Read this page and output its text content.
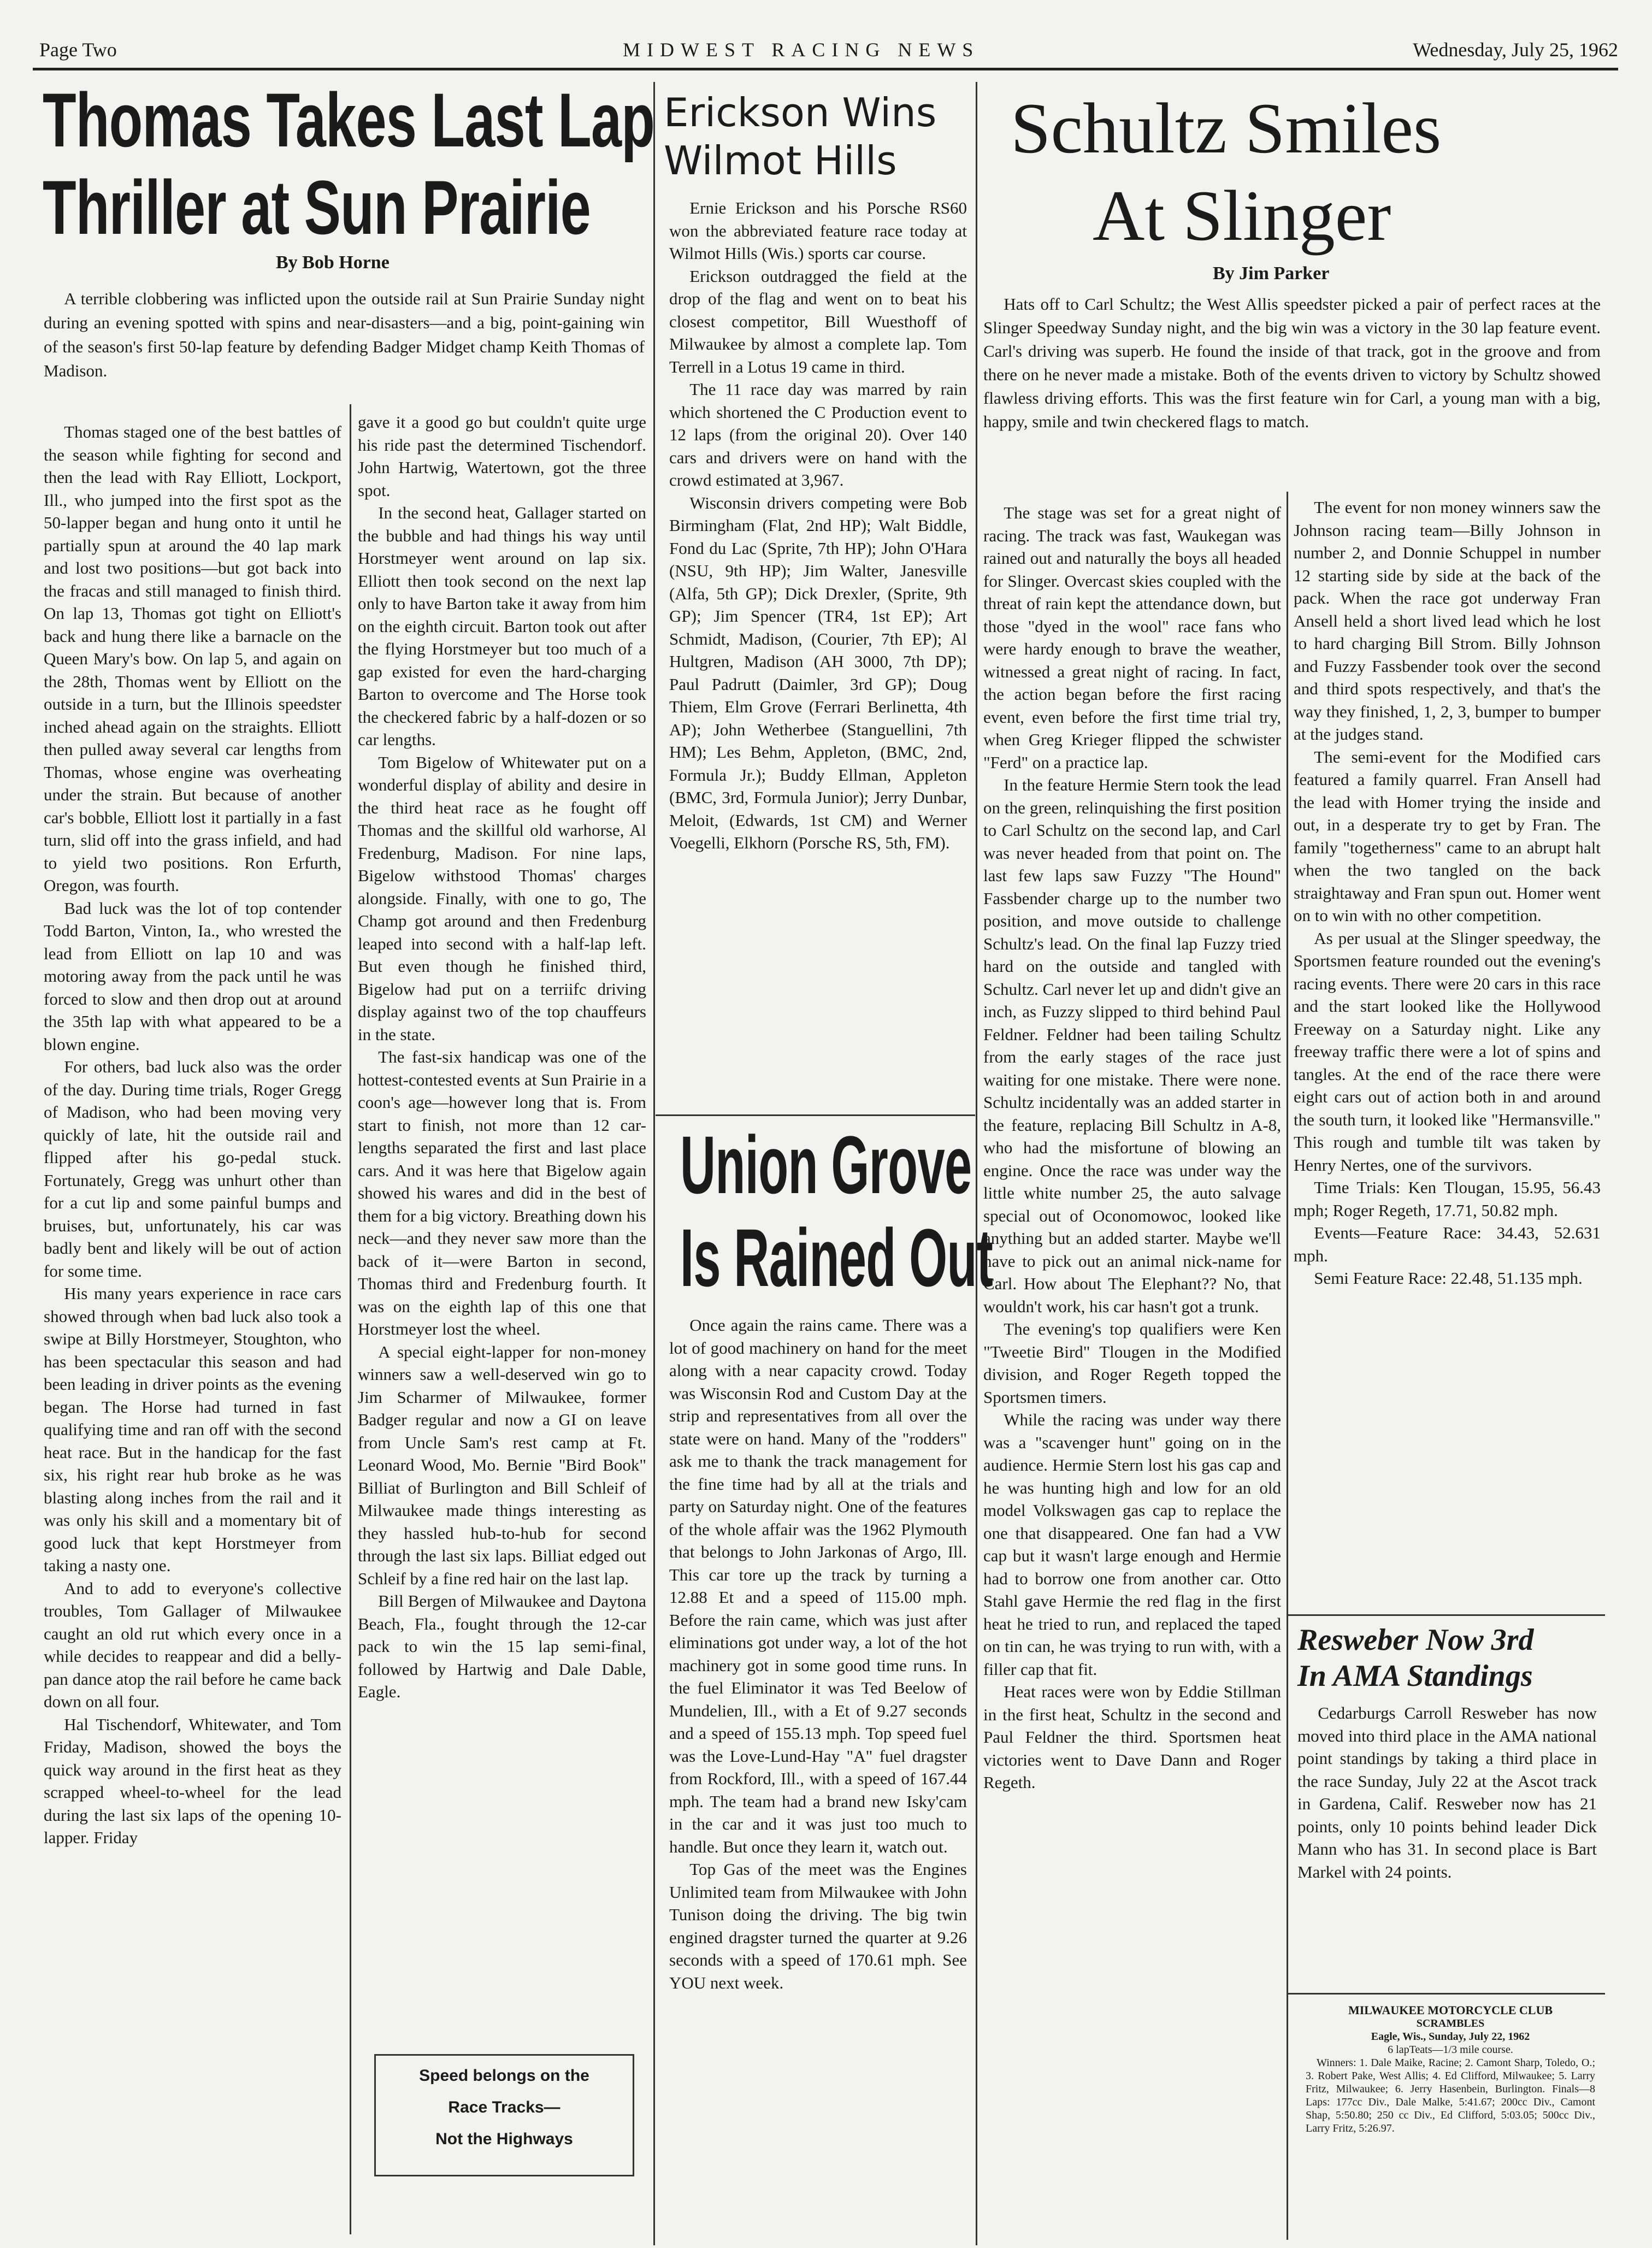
Page Two	MIDWEST RACING NEWS	Wednesday, July 25, 1962
Thomas Takes Last Lap
Thriller at Sun Prairie
By Bob Horne

A terrible clobbering was inflicted upon the outside rail at Sun Prairie Sunday night during an evening spotted with spins and near-disasters—and a big, point-gaining win of the season's first 50-lap feature by defending Badger Midget champ Keith Thomas of Madison.

Thomas staged one of the best battles of the season while fighting for second and then the lead with Ray Elliott, Lockport, Ill., who jumped into the first spot as the 50-lapper began and hung onto it until he partially spun at around the 40 lap mark and lost two positions—but got back into the fracas and still managed to finish third. On lap 13, Thomas got tight on Elliott's back and hung there like a barnacle on the Queen Mary's bow. On lap 5, and again on the 28th, Thomas went by Elliott on the outside in a turn, but the Illinois speedster inched ahead again on the straights. Elliott then pulled away several car lengths from Thomas, whose engine was overheating under the strain. But because of another car's bobble, Elliott lost it partially in a fast turn, slid off into the grass infield, and had to yield two positions. Ron Erfurth, Oregon, was fourth.

Bad luck was the lot of top contender Todd Barton, Vinton, Ia., who wrested the lead from Elliott on lap 10 and was motoring away from the pack until he was forced to slow and then drop out at around the 35th lap with what appeared to be a blown engine.

For others, bad luck also was the order of the day. During time trials, Roger Gregg of Madison, who had been moving very quickly of late, hit the outside rail and flipped after his go-pedal stuck. Fortunately, Gregg was unhurt other than for a cut lip and some painful bumps and bruises, but, unfortunately, his car was badly bent and likely will be out of action for some time.

His many years experience in race cars showed through when bad luck also took a swipe at Billy Horstmeyer, Stoughton, who has been spectacular this season and had been leading in driver points as the evening began. The Horse had turned in fast qualifying time and ran off with the second heat race. But in the handicap for the fast six, his right rear hub broke as he was blasting along inches from the rail and it was only his skill and a momentary bit of good luck that kept Horstmeyer from taking a nasty one.

And to add to everyone's collective troubles, Tom Gallager of Milwaukee caught an old rut which every once in a while decides to reappear and did a belly-pan dance atop the rail before he came back down on all four.

Hal Tischendorf, Whitewater, and Tom Friday, Madison, showed the boys the quick way around in the first heat as they scrapped wheel-to-wheel for the lead during the last six laps of the opening 10-lapper. Friday

gave it a good go but couldn't quite urge his ride past the determined Tischendorf. John Hartwig, Watertown, got the three spot.

In the second heat, Gallager started on the bubble and had things his way until Horstmeyer went around on lap six. Elliott then took second on the next lap only to have Barton take it away from him on the eighth circuit. Barton took out after the flying Horstmeyer but too much of a gap existed for even the hard-charging Barton to overcome and The Horse took the checkered fabric by a half-dozen or so car lengths.

Tom Bigelow of Whitewater put on a wonderful display of ability and desire in the third heat race as he fought off Thomas and the skillful old warhorse, Al Fredenburg, Madison. For nine laps, Bigelow withstood Thomas' charges alongside. Finally, with one to go, The Champ got around and then Fredenburg leaped into second with a half-lap left. But even though he finished third, Bigelow had put on a terriifc driving display against two of the top chauffeurs in the state.

The fast-six handicap was one of the hottest-contested events at Sun Prairie in a coon's age—however long that is. From start to finish, not more than 12 car-lengths separated the first and last place cars. And it was here that Bigelow again showed his wares and did in the best of them for a big victory. Breathing down his neck—and they never saw more than the back of it—were Barton in second, Thomas third and Fredenburg fourth. It was on the eighth lap of this one that Horstmeyer lost the wheel.

A special eight-lapper for non-money winners saw a well-deserved win go to Jim Scharmer of Milwaukee, former Badger regular and now a GI on leave from Uncle Sam's rest camp at Ft. Leonard Wood, Mo. Bernie "Bird Book" Billiat of Burlington and Bill Schleif of Milwaukee made things interesting as they hassled hub-to-hub for second through the last six laps. Billiat edged out Schleif by a fine red hair on the last lap.

Bill Bergen of Milwaukee and Daytona Beach, Fla., fought through the 12-car pack to win the 15 lap semi-final, followed by Hartwig and Dale Dable, Eagle.

Speed belongs on the
Race Tracks—
Not the Highways
Erickson Wins
Wilmot Hills

Ernie Erickson and his Porsche RS60 won the abbreviated feature race today at Wilmot Hills (Wis.) sports car course.

Erickson outdragged the field at the drop of the flag and went on to beat his closest competitor, Bill Wuesthoff of Milwaukee by almost a complete lap. Tom Terrell in a Lotus 19 came in third.

The 11 race day was marred by rain which shortened the C Production event to 12 laps (from the original 20). Over 140 cars and drivers were on hand with the crowd estimated at 3,967.

Wisconsin drivers competing were Bob Birmingham (Flat, 2nd HP); Walt Biddle, Fond du Lac (Sprite, 7th HP); John O'Hara (NSU, 9th HP); Jim Walter, Janesville (Alfa, 5th GP); Dick Drexler, (Sprite, 9th GP); Jim Spencer (TR4, 1st EP); Art Schmidt, Madison, (Courier, 7th EP); Al Hultgren, Madison (AH 3000, 7th DP); Paul Padrutt (Daimler, 3rd GP); Doug Thiem, Elm Grove (Ferrari Berlinetta, 4th AP); John Wetherbee (Stanguellini, 7th HM); Les Behm, Appleton, (BMC, 2nd, Formula Jr.); Buddy Ellman, Appleton (BMC, 3rd, Formula Junior); Jerry Dunbar, Meloit, (Edwards, 1st CM) and Werner Voegelli, Elkhorn (Porsche RS, 5th, FM).

Union Grove
Is Rained Out

Once again the rains came. There was a lot of good machinery on hand for the meet along with a near capacity crowd. Today was Wisconsin Rod and Custom Day at the strip and representatives from all over the state were on hand. Many of the "rodders" ask me to thank the track management for the fine time had by all at the trials and party on Saturday night. One of the features of the whole affair was the 1962 Plymouth that belongs to John Jarkonas of Argo, Ill. This car tore up the track by turning a 12.88 Et and a speed of 115.00 mph. Before the rain came, which was just after eliminations got under way, a lot of the hot machinery got in some good time runs. In the fuel Eliminator it was Ted Beelow of Mundelien, Ill., with a Et of 9.27 seconds and a speed of 155.13 mph. Top speed fuel was the Love-Lund-Hay "A" fuel dragster from Rockford, Ill., with a speed of 167.44 mph. The team had a brand new Isky'cam in the car and it was just too much to handle. But once they learn it, watch out.

Top Gas of the meet was the Engines Unlimited team from Milwaukee with John Tunison doing the driving. The big twin engined dragster turned the quarter at 9.26 seconds with a speed of 170.61 mph. See YOU next week.

Schultz Smiles
At Slinger
By Jim Parker

Hats off to Carl Schultz; the West Allis speedster picked a pair of perfect races at the Slinger Speedway Sunday night, and the big win was a victory in the 30 lap feature event. Carl's driving was superb. He found the inside of that track, got in the groove and from there on he never made a mistake. Both of the events driven to victory by Schultz showed flawless driving efforts. This was the first feature win for Carl, a young man with a big, happy, smile and twin checkered flags to match.

The stage was set for a great night of racing. The track was fast, Waukegan was rained out and naturally the boys all headed for Slinger. Overcast skies coupled with the threat of rain kept the attendance down, but those "dyed in the wool" race fans who were hardy enough to brave the weather, witnessed a great night of racing. In fact, the action began before the first racing event, even before the first time trial try, when Greg Krieger flipped the schwister "Ferd" on a practice lap.

In the feature Hermie Stern took the lead on the green, relinquishing the first position to Carl Schultz on the second lap, and Carl was never headed from that point on. The last few laps saw Fuzzy "The Hound" Fassbender charge up to the number two position, and move outside to challenge Schultz's lead. On the final lap Fuzzy tried hard on the outside and tangled with Schultz. Carl never let up and didn't give an inch, as Fuzzy slipped to third behind Paul Feldner. Feldner had been tailing Schultz from the early stages of the race just waiting for one mistake. There were none. Schultz incidentally was an added starter in the feature, replacing Bill Schultz in A-8, who had the misfortune of blowing an engine. Once the race was under way the little white number 25, the auto salvage special out of Oconomowoc, looked like anything but an added starter. Maybe we'll have to pick out an animal nick-name for Carl. How about The Elephant?? No, that wouldn't work, his car hasn't got a trunk.

The evening's top qualifiers were Ken "Tweetie Bird" Tlougen in the Modified division, and Roger Regeth topped the Sportsmen timers.

While the racing was under way there was a "scavenger hunt" going on in the audience. Hermie Stern lost his gas cap and he was hunting high and low for an old model Volkswagen gas cap to replace the one that disappeared. One fan had a VW cap but it wasn't large enough and Hermie had to borrow one from another car. Otto Stahl gave Hermie the red flag in the first heat he tried to run, and replaced the taped on tin can, he was trying to run with, with a filler cap that fit.

Heat races were won by Eddie Stillman in the first heat, Schultz in the second and Paul Feldner the third. Sportsmen heat victories went to Dave Dann and Roger Regeth.

The event for non money winners saw the Johnson racing team—Billy Johnson in number 2, and Donnie Schuppel in number 12 starting side by side at the back of the pack. When the race got underway Fran Ansell held a short lived lead which he lost to hard charging Bill Strom. Billy Johnson and Fuzzy Fassbender took over the second and third spots respectively, and that's the way they finished, 1, 2, 3, bumper to bumper at the judges stand.

The semi-event for the Modified cars featured a family quarrel. Fran Ansell had the lead with Homer trying the inside and out, in a desperate try to get by Fran. The family "togetherness" came to an abrupt halt when the two tangled on the back straightaway and Fran spun out. Homer went on to win with no other competition.

As per usual at the Slinger speedway, the Sportsmen feature rounded out the evening's racing events. There were 20 cars in this race and the start looked like the Hollywood Freeway on a Saturday night. Like any freeway traffic there were a lot of spins and tangles. At the end of the race there were eight cars out of action both in and around the south turn, it looked like "Hermansville." This rough and tumble tilt was taken by Henry Nertes, one of the survivors.

Time Trials: Ken Tlougan, 15.95, 56.43 mph; Roger Regeth, 17.71, 50.82 mph.

Events—Feature Race: 34.43, 52.631 mph.

Semi Feature Race: 22.48, 51.135 mph.

Resweber Now 3rd
In AMA Standings

Cedarburgs Carroll Resweber has now moved into third place in the AMA national point standings by taking a third place in the race Sunday, July 22 at the Ascot track in Gardena, Calif. Resweber now has 21 points, only 10 points behind leader Dick Mann who has 31. In second place is Bart Markel with 24 points.

MILWAUKEE MOTORCYCLE CLUB
SCRAMBLES
Eagle, Wis., Sunday, July 22, 1962
6 lapTeats—1/3 mile course.
Winners: 1. Dale Maike, Racine; 2. Camont Sharp, Toledo, O.; 3. Robert Pake, West Allis; 4. Ed Clifford, Milwaukee; 5. Larry Fritz, Milwaukee; 6. Jerry Hasenbein, Burlington. Finals—8 Laps: 177cc Div., Dale Malke, 5:41.67; 200cc Div., Camont Shap, 5:50.80; 250 cc Div., Ed Clifford, 5:03.05; 500cc Div., Larry Fritz, 5:26.97.
